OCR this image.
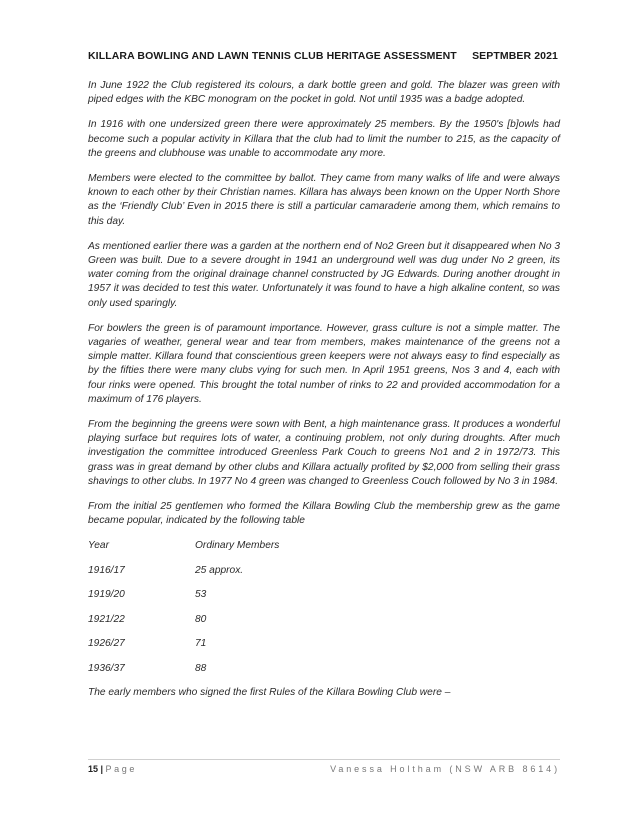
KILLARA BOWLING AND LAWN TENNIS CLUB HERITAGE ASSESSMENT SEPTMBER 2021

In June 1922 the Club registered its colours, a dark bottle green and gold. The blazer was green with piped edges with the KBC monogram on the pocket in gold. Not until 1935 was a badge adopted.

In 1916 with one undersized green there were approximately 25 members. By the 1950's [b]owls had become such a popular activity in Killara that the club had to limit the number to 215, as the capacity of the greens and clubhouse was unable to accommodate any more.

Members were elected to the committee by ballot. They came from many walks of life and were always known to each other by their Christian names. Killara has always been known on the Upper North Shore as the ‘Friendly Club’ Even in 2015 there is still a particular camaraderie among them, which remains to this day.

As mentioned earlier there was a garden at the northern end of No2 Green but it disappeared when No 3 Green was built. Due to a severe drought in 1941 an underground well was dug under No 2 green, its water coming from the original drainage channel constructed by JG Edwards. During another drought in 1957 it was decided to test this water. Unfortunately it was found to have a high alkaline content, so was only used sparingly.

For bowlers the green is of paramount importance. However, grass culture is not a simple matter. The vagaries of weather, general wear and tear from members, makes maintenance of the greens not a simple matter. Killara found that conscientious green keepers were not always easy to find especially as by the fifties there were many clubs vying for such men. In April 1951 greens, Nos 3 and 4, each with four rinks were opened. This brought the total number of rinks to 22 and provided accommodation for a maximum of 176 players.

From the beginning the greens were sown with Bent, a high maintenance grass. It produces a wonderful playing surface but requires lots of water, a continuing problem, not only during droughts. After much investigation the committee introduced Greenless Park Couch to greens No1 and 2 in 1972/73. This grass was in great demand by other clubs and Killara actually profited by $2,000 from selling their grass shavings to other clubs. In 1977 No 4 green was changed to Greenless Couch followed by No 3 in 1984.

From the initial 25 gentlemen who formed the Killara Bowling Club the membership grew as the game became popular, indicated by the following table

Year	Ordinary Members
1916/17	25 approx.
1919/20	53
1921/22	80
1926/27	71
1936/37	88

The early members who signed the first Rules of the Killara Bowling Club were –

15 | Page	Vanessa Holtham (NSW ARB 8614)
